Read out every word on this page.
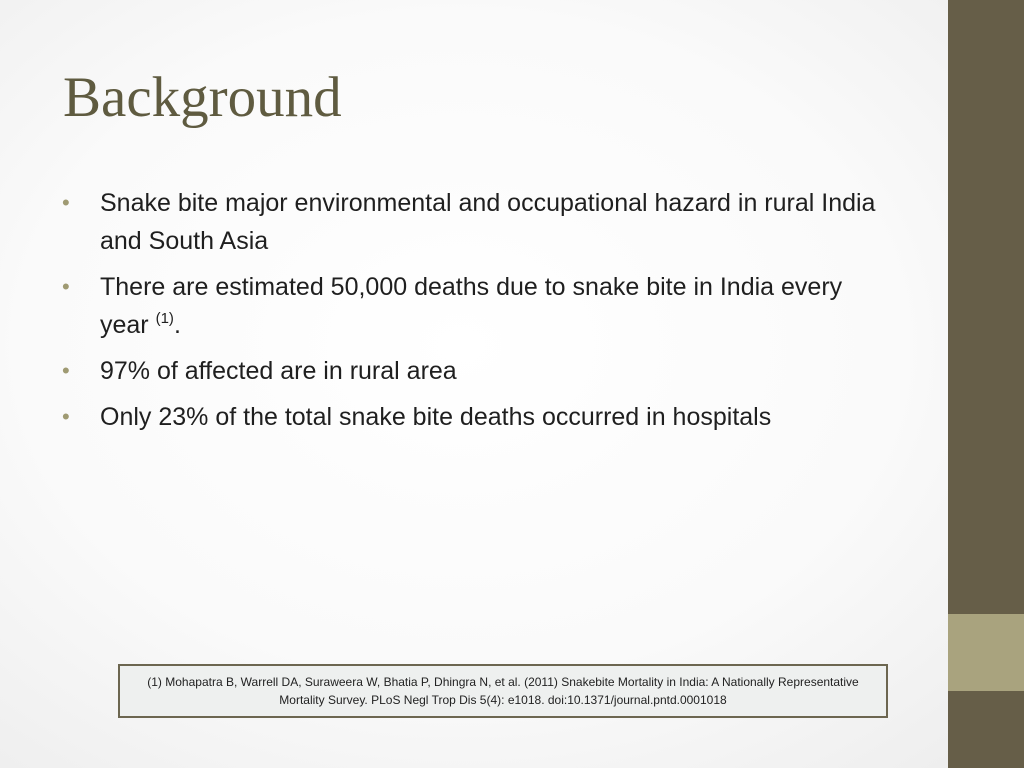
Background
• Snake bite major environmental and occupational hazard in rural India and South Asia
• There are estimated 50,000 deaths due to snake bite in India every year $^{(1)}$.
• 97% of affected are in rural area
• Only 23% of the total snake bite deaths occurred in hospitals
(1) Mohapatra B, Warrell DA, Suraweera W, Bhatia P, Dhingra N, et al. (2011) Snakebite Mortality in India: A Nationally Representative Mortality Survey. PLoS Negl Trop Dis 5(4): e1018. doi:10.1371/journal.pntd.0001018
